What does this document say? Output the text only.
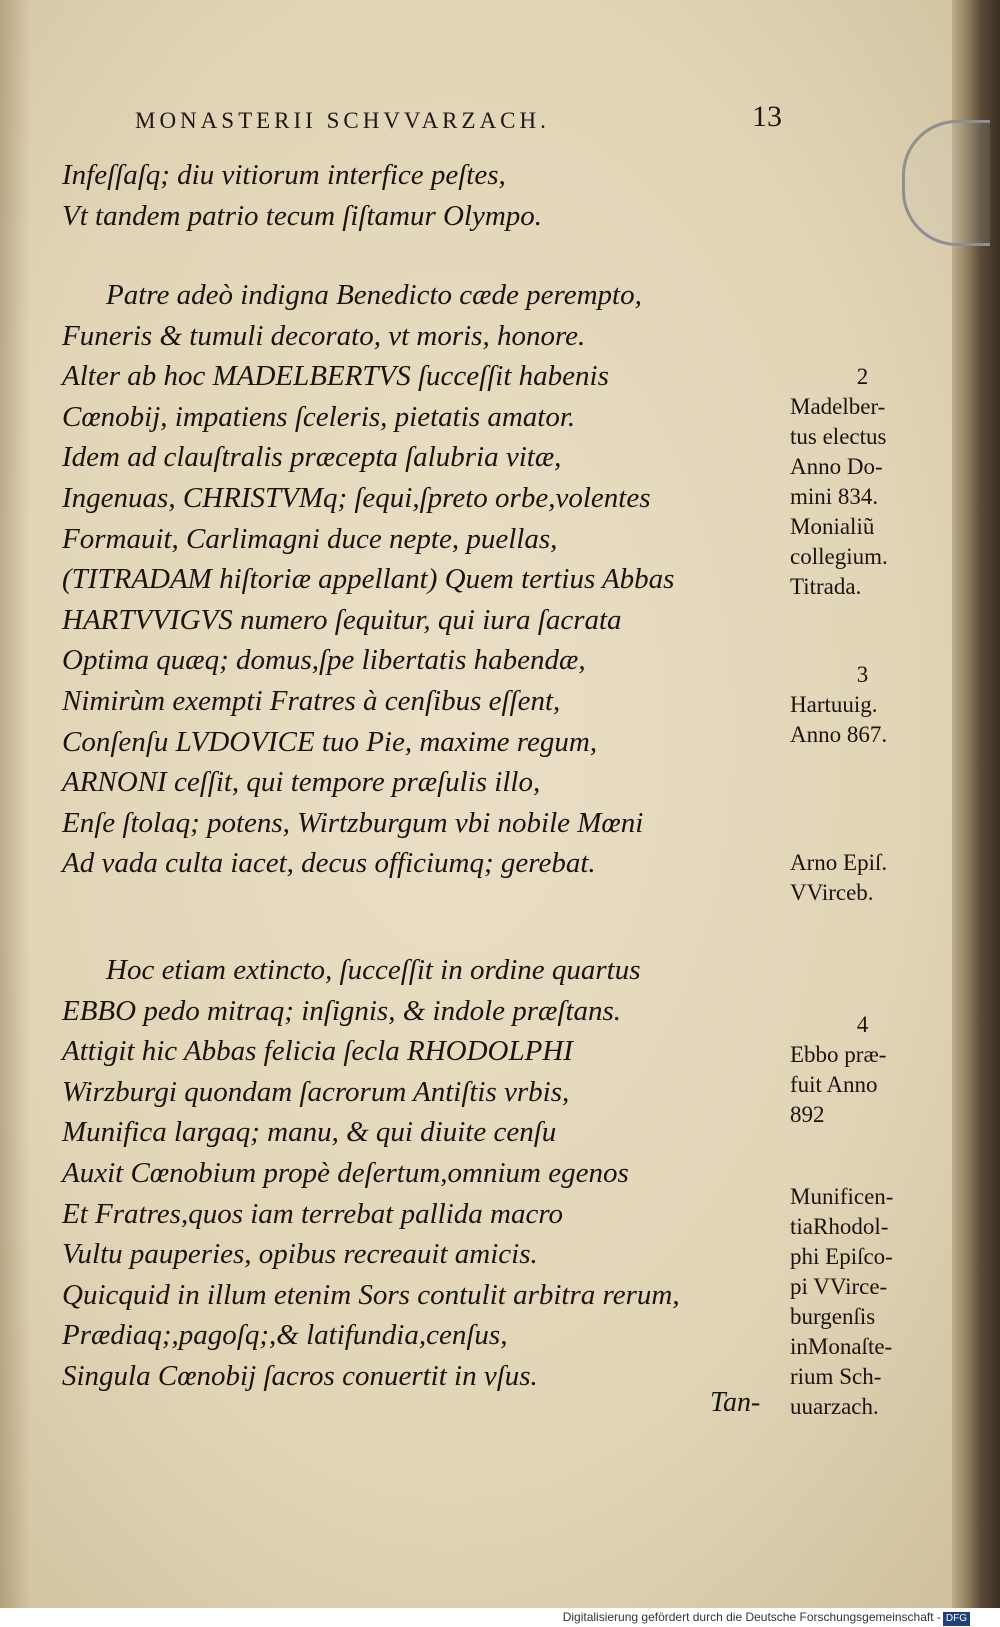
MONASTERII SCHVVARZACH.	13
Infeſſaſq; diu vitiorum interfice peſtes,
Vt tandem patrio tecum ſiſtamur Olympo.
Patre adeò indigna Benedicto cæde perempto,
Funeris & tumuli decorato, vt moris, honore.
Alter ab hoc MADELBERTVS ſucceſſit habenis
Cœnobij, impatiens ſceleris, pietatis amator.
Idem ad clauſtralis præcepta ſalubria vitæ,
Ingenuas, CHRISTVMq; ſequi,ſpreto orbe,volentes
Formauit, Carlimagni duce nepte, puellas,
(TITRADAM hiſtoriæ appellant) Quem tertius Abbas
HARTVVIGVS numero ſequitur, qui iura ſacrata
Optima quæq; domus,ſpe libertatis habendæ,
Nimirùm exempti Fratres à cenſibus eſſent,
Conſenſu LVDOVICE tuo Pie, maxime regum,
ARNONI ceſſit, qui tempore præſulis illo,
Enſe ſtolaq; potens, Wirtzburgum vbi nobile Mœni
Ad vada culta iacet, decus officiumq; gerebat.
Hoc etiam extincto, ſucceſſit in ordine quartus
EBBO pedo mitraq; inſignis, & indole præſtans.
Attigit hic Abbas felicia ſecla RHODOLPHI
Wirzburgi quondam ſacrorum Antiſtis vrbis,
Munifica largaq; manu, & qui diuite cenſu
Auxit Cœnobium propè deſertum,omnium egenos
Et Fratres,quos iam terrebat pallida macro
Vultu pauperies, opibus recreauit amicis.
Quicquid in illum etenim Sors contulit arbitra rerum,
Prædiaq;,pagoſq;,& latifundia,cenſus,
Singula Cœnobij ſacros conuertit in vſus.
2
Madelber-
tus electus
Anno Do-
mini 834.
Monialiũ
collegium.
Titrada.
3
Hartuuig.
Anno 867.
Arno Epiſ.
VVirceb.
4
Ebbo præ-
fuit Anno
892
Munificen-
tiaRhodol-
phi Epiſco-
pi VVirce-
burgenſis
inMonaſte-
rium Sch-
uuarzach.
Tan-
Digitalisierung gefördert durch die Deutsche Forschungsgemeinschaft - DFG
